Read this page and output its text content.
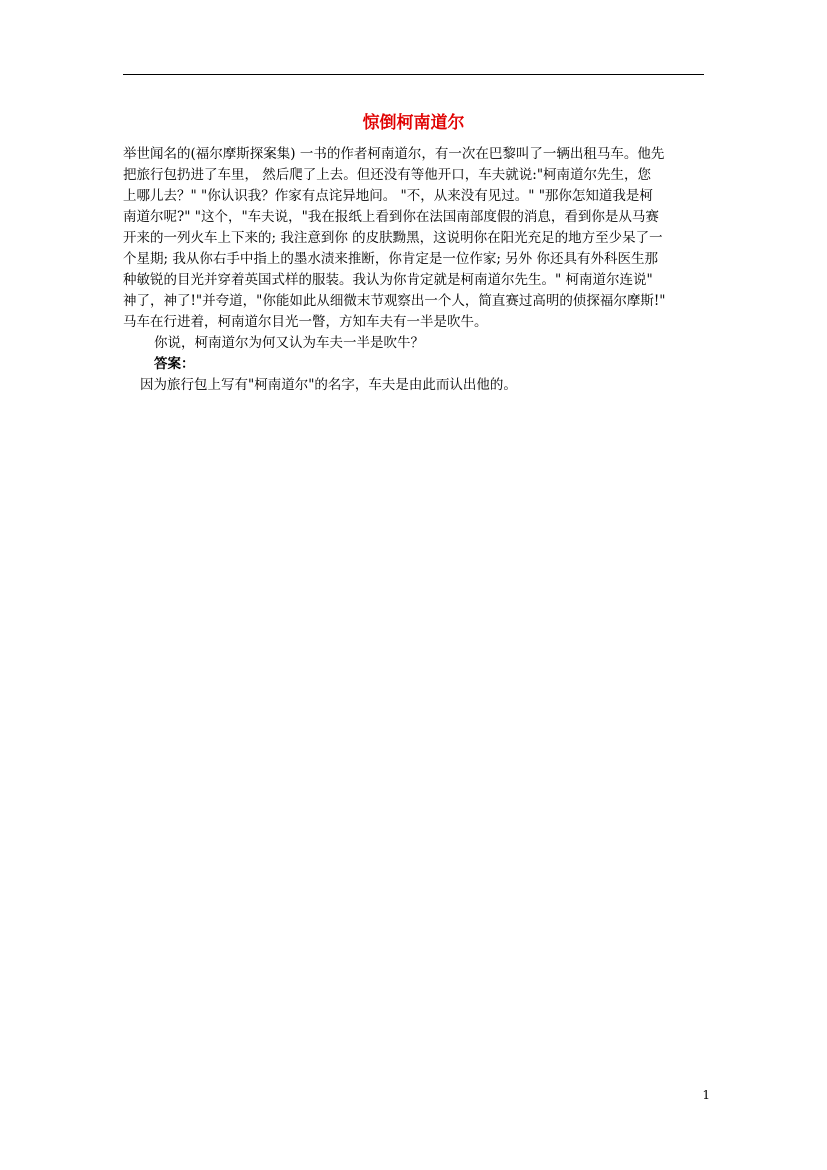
惊倒柯南道尔
举世闻名的(福尔摩斯探案集) 一书的作者柯南道尔，有一次在巴黎叫了一辆出租马车。他先
把旅行包扔进了车里， 然后爬了上去。但还没有等他开口，车夫就说:"柯南道尔先生，您
上哪儿去？" "你认识我？作家有点诧异地问。 "不，从来没有见过。" "那你怎知道我是柯
南道尔呢?" "这个，"车夫说，"我在报纸上看到你在法国南部度假的消息，看到你是从马赛
开来的一列火车上下来的; 我注意到你 的皮肤黝黑，这说明你在阳光充足的地方至少呆了一
个星期; 我从你右手中指上的墨水渍来推断，你肯定是一位作家; 另外 你还具有外科医生那
种敏锐的目光并穿着英国式样的服装。我认为你肯定就是柯南道尔先生。" 柯南道尔连说"
神了，神了!"并夸道，"你能如此从细微末节观察出一个人，简直赛过高明的侦探福尔摩斯!"
马车在行进着，柯南道尔目光一瞥，方知车夫有一半是吹牛。
你说，柯南道尔为何又认为车夫一半是吹牛？
答案：
因为旅行包上写有"柯南道尔"的名字，车夫是由此而认出他的。
1
